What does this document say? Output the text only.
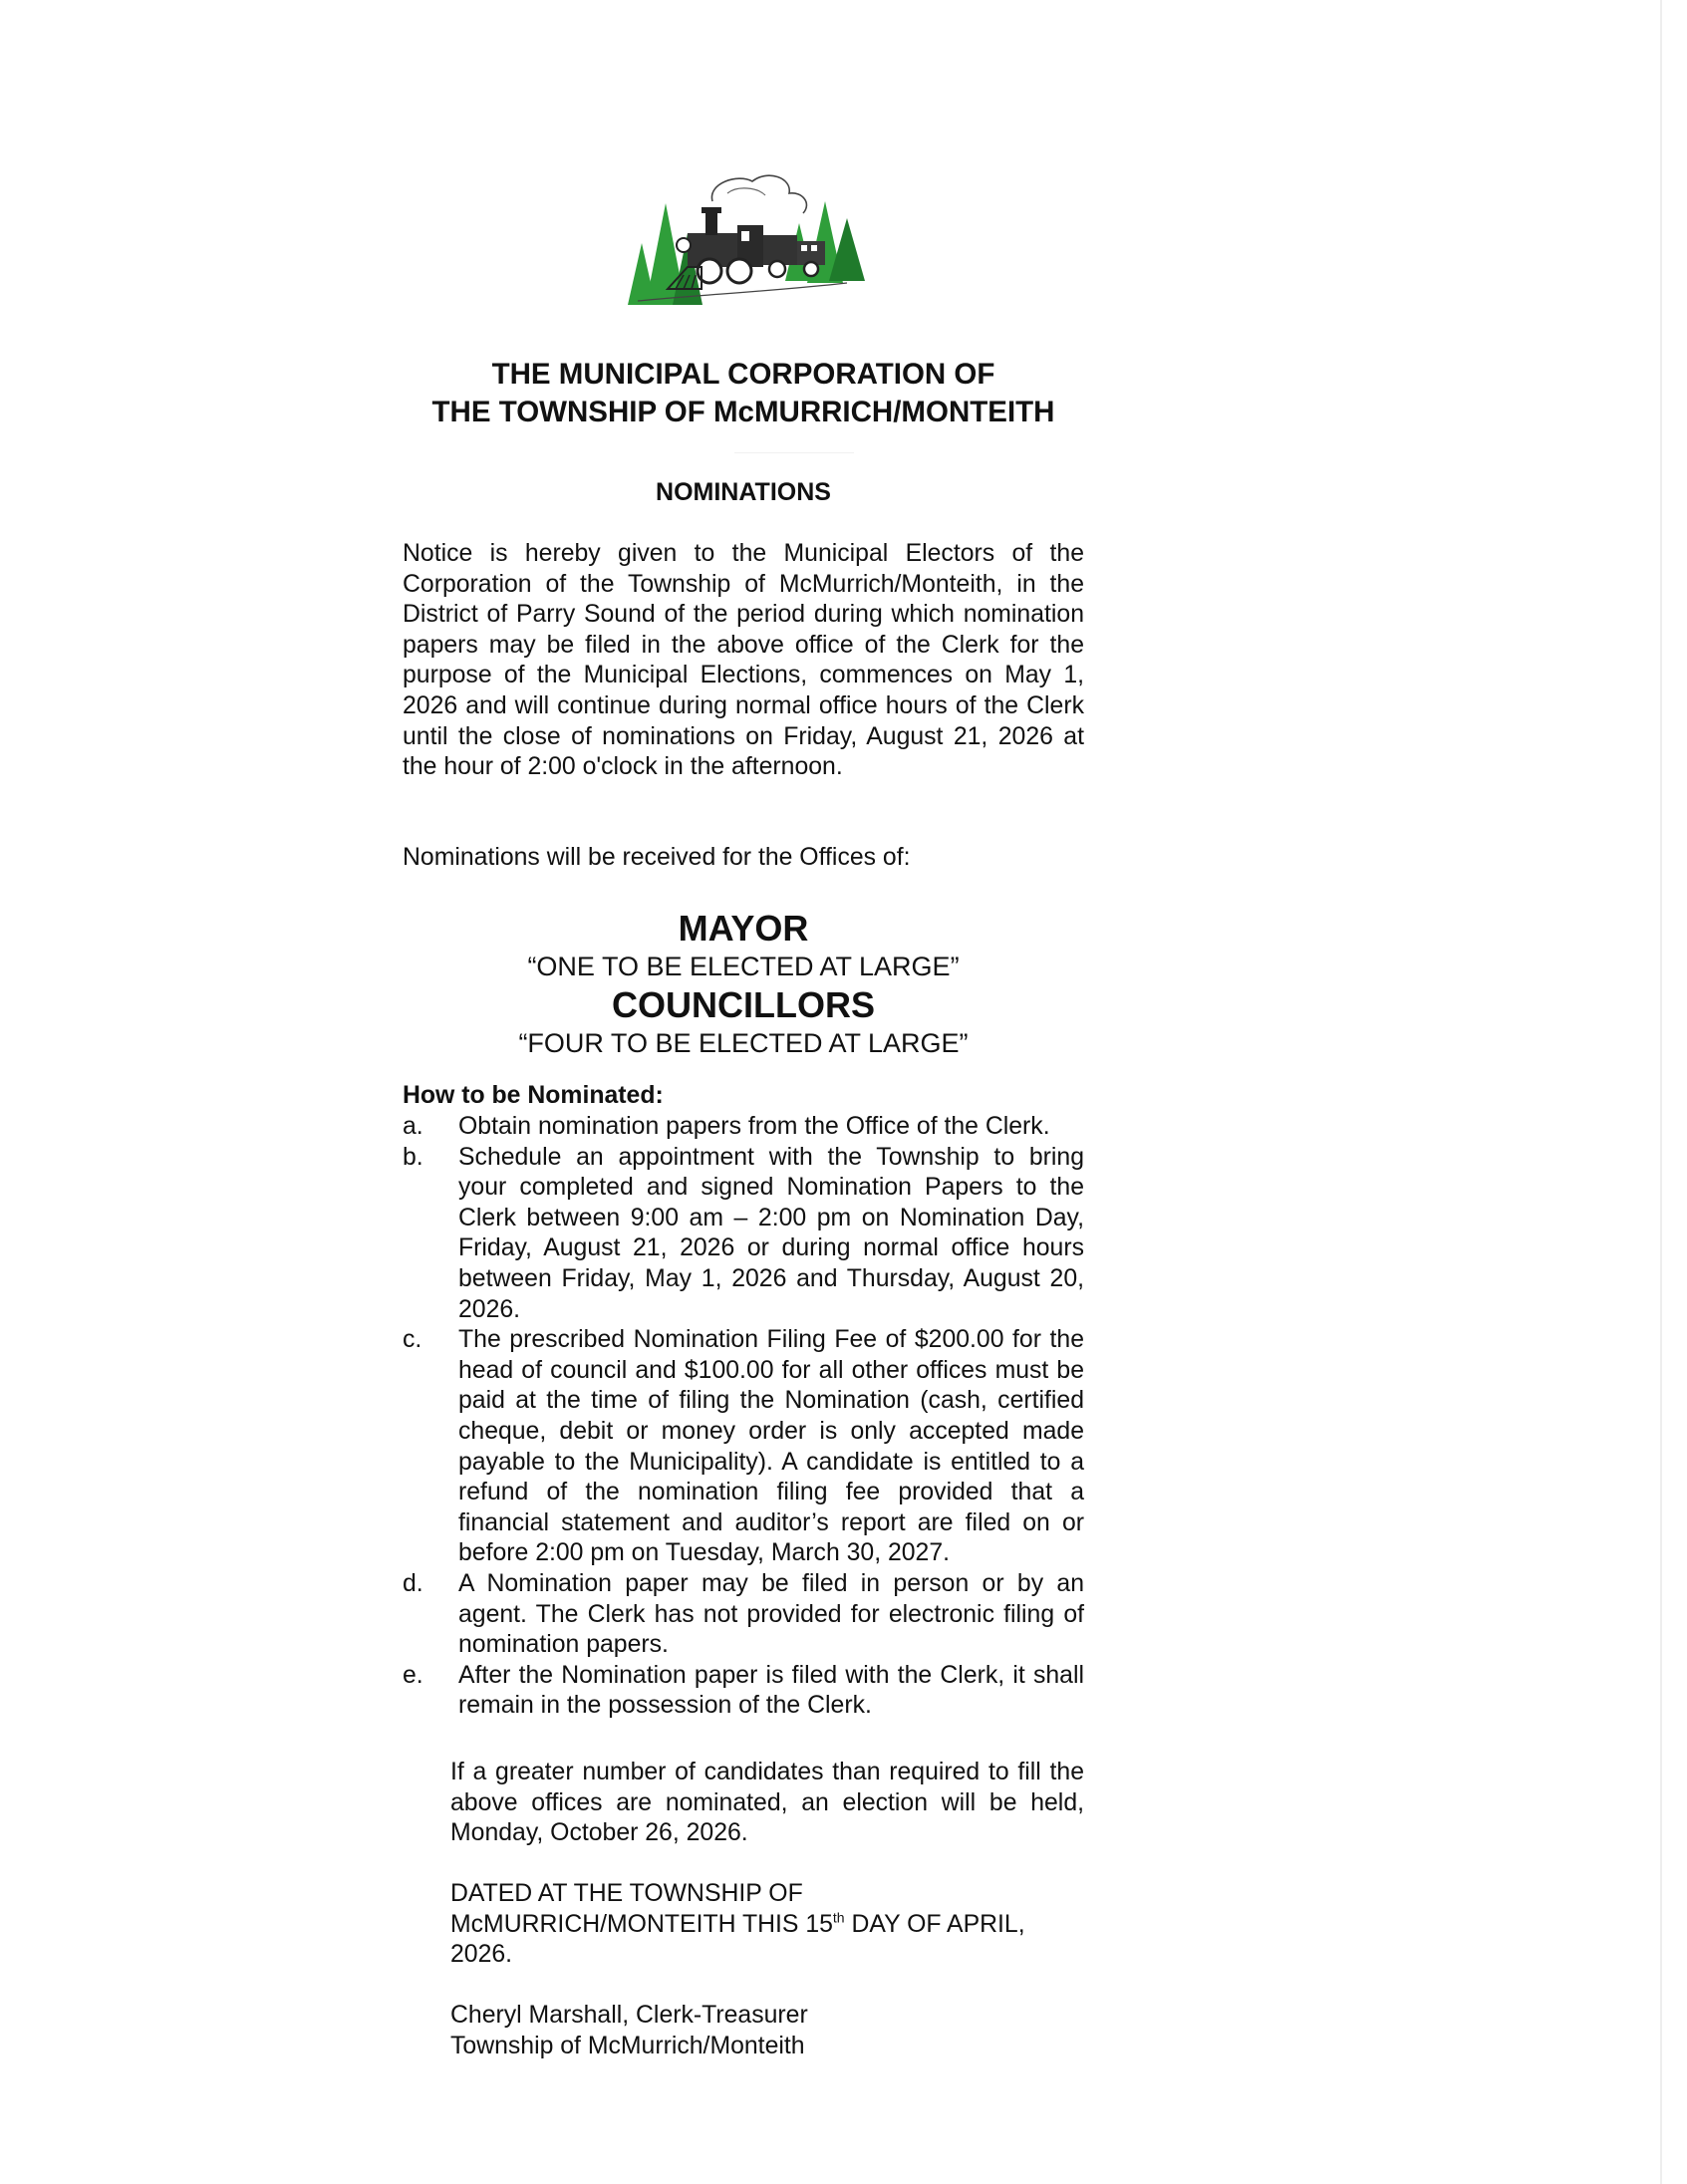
THE MUNICIPAL CORPORATION OF
THE TOWNSHIP OF McMURRICH/MONTEITH
NOMINATIONS

Notice is hereby given to the Municipal Electors of the Corporation of the Township of McMurrich/Monteith, in the District of Parry Sound of the period during which nomination papers may be filed in the above office of the Clerk for the purpose of the Municipal Elections, commences on May 1, 2026 and will continue during normal office hours of the Clerk until the close of nominations on Friday, August 21, 2026 at the hour of 2:00 o'clock in the afternoon.

Nominations will be received for the Offices of:

MAYOR
“ONE TO BE ELECTED AT LARGE”
COUNCILLORS
“FOUR TO BE ELECTED AT LARGE”
How to be Nominated:
a.	Obtain nomination papers from the Office of the Clerk.
b.	Schedule an appointment with the Township to bring your completed and signed Nomination Papers to the Clerk between 9:00 am – 2:00 pm on Nomination Day, Friday, August 21, 2026 or during normal office hours between Friday, May 1, 2026 and Thursday, August 20, 2026.
c.	The prescribed Nomination Filing Fee of $200.00 for the head of council and $100.00 for all other offices must be paid at the time of filing the Nomination (cash, certified cheque, debit or money order is only accepted made payable to the Municipality). A candidate is entitled to a refund of the nomination filing fee provided that a financial statement and auditor’s report are filed on or before 2:00 pm on Tuesday, March 30, 2027.
d.	A Nomination paper may be filed in person or by an agent. The Clerk has not provided for electronic filing of nomination papers.
e.	After the Nomination paper is filed with the Clerk, it shall remain in the possession of the Clerk.

If a greater number of candidates than required to fill the above offices are nominated, an election will be held, Monday, October 26, 2026.

DATED AT THE TOWNSHIP OF
McMURRICH/MONTEITH THIS 15th DAY OF APRIL,
2026.

Cheryl Marshall, Clerk-Treasurer

Township of McMurrich/Monteith
